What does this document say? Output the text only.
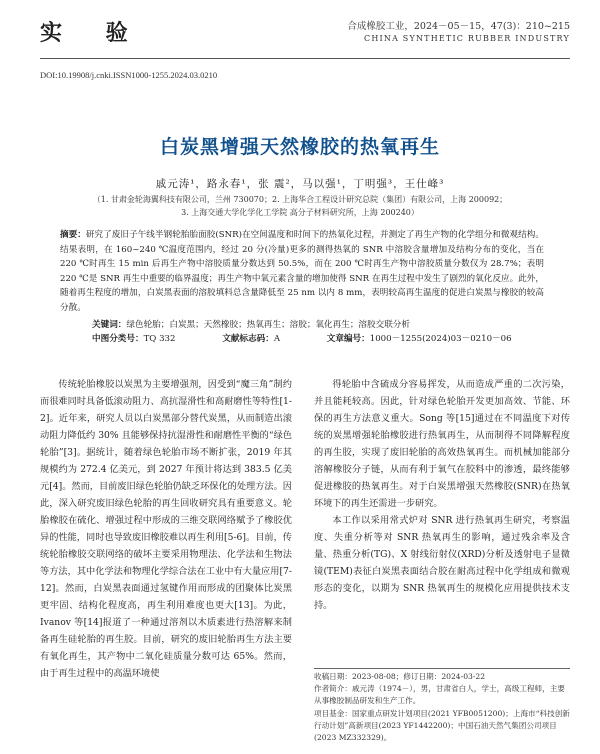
实 验	合成橡胶工业，2024－05－15，47(3)：210~215
CHINA SYNTHETIC RUBBER INDUSTRY
DOI:10.19908/j.cnki.ISSN1000-1255.2024.03.0210
白炭黑增强天然橡胶的热氧再生
戚元涛¹，路永春¹，张 震²，马以强¹，丁明强³，王仕峰³
（1. 甘肃金轮海翼科技有限公司，兰州 730070；2. 上海华合工程设计研究总院（集团）有限公司，上海 200092；
3. 上海交通大学化学化工学院 高分子材料研究所，上海 200240）
摘要：研究了废旧子午线半钢轮胎胎面胶(SNR)在空间温度和时间下的热氧化过程，并测定了再生产物的化学组分和微观结构。结果表明，在 160~240 ℃温度范围内，经过 20 分(冷量)更多的测得热氧的 SNR 中溶胶含量增加及结构分布的变化，当在 220 ℃时再生 15 min 后再生产物中溶胶质量分数达到 50.5%，而在 200 ℃时再生产物中溶胶质量分数仅为 28.7%；表明 220 ℃是 SNR 再生中重要的临界温度；再生产物中氧元素含量的增加使得 SNR 在再生过程中发生了剧烈的氧化反应。此外，随着再生程度的增加，白炭黑表面的溶胶填料总含量降低至 25 nm 以内 8 mm，表明较高再生温度的促进白炭黑与橡胶的较高分散。
关键词：绿色轮胎；白炭黑；天然橡胶；热氧再生；溶胶；氧化再生；溶胶交联分析
中图分类号：TQ 332	文献标志码：A	文章编号：1000－1255(2024)03－0210－06

传统轮胎橡胶以炭黑为主要增强剂，因受到“魔三角”制约而很难同时具备低滚动阻力、高抗湿滑性和高耐磨性等特性[1-2]。近年来，研究人员以白炭黑部分替代炭黑，从而制造出滚动阻力降低约 30% 且能够保持抗湿滑性和耐磨性平衡的“绿色轮胎”[3]。据统计，随着绿色轮胎市场不断扩张，2019 年其规模约为 272.4 亿美元，到 2027 年预计将达到 383.5 亿美元[4]。然而，目前废旧绿色轮胎仍缺乏环保化的处理方法。因此，深入研究废旧绿色轮胎的再生回收研究具有重要意义。轮胎橡胶在硫化、增强过程中形成的三维交联网络赋予了橡胶优异的性能，同时也导致废旧橡胶难以再生利用[5-6]。目前，传统轮胎橡胶交联网络的破坏主要采用物理法、化学法和生物法等方法，其中化学法和物理化学综合法在工业中有大量应用[7-12]。然而，白炭黑表面通过氢键作用而形成的团聚体比炭黑更牢固、结构化程度高，再生利用难度也更大[13]。为此，Ivanov 等[14]报道了一种通过溶剂以木质素进行热溶解来制备再生硅轮胎的再生胶。目前，研究的废旧轮胎再生方法主要有氧化再生，其产物中二氧化硅质量分数可达 65%。然而，由于再生过程中的高温环境使

得轮胎中含硫成分容易挥发，从而造成严重的二次污染，并且能耗较高。因此，针对绿色轮胎开发更加高效、节能、环保的再生方法意义重大。Song 等[15]通过在不同温度下对传统的炭黑增强轮胎橡胶进行热氧再生，从而制得不同降解程度的再生胶，实现了废旧轮胎的高效热氧再生。而机械加能部分溶解橡胶分子链，从而有利于氧气在胶料中的渗透，最终能够促进橡胶的热氧再生。对于白炭黑增强天然橡胶(SNR)在热氧环境下的再生还需进一步研究。

本工作以采用常式炉对 SNR 进行热氧再生研究，考察温度、失重分析等对 SNR 热氧再生的影响，通过残余率及含量、热重分析(TG)、X 射线衍射仪(XRD)分析及透射电子显微镜(TEM)表征白炭黑表面结合胶在耐高过程中化学组成和微观形态的变化，以期为 SNR 热氧再生的规模化应用提供技术支持。

收稿日期：2023-08-08；修订日期：2024-03-22
作者简介：戚元涛（1974－），男，甘肃省白人，学士，高级工程师，主要从事橡胶制品研发和生产工作。
项目基金：国家重点研发计划项目(2021 YFB0051200)；上海市“科技创新行动计划”高新项目(2023 YF1442200)；中国石油天然气集团公司项目(2023 MZ332329)。
